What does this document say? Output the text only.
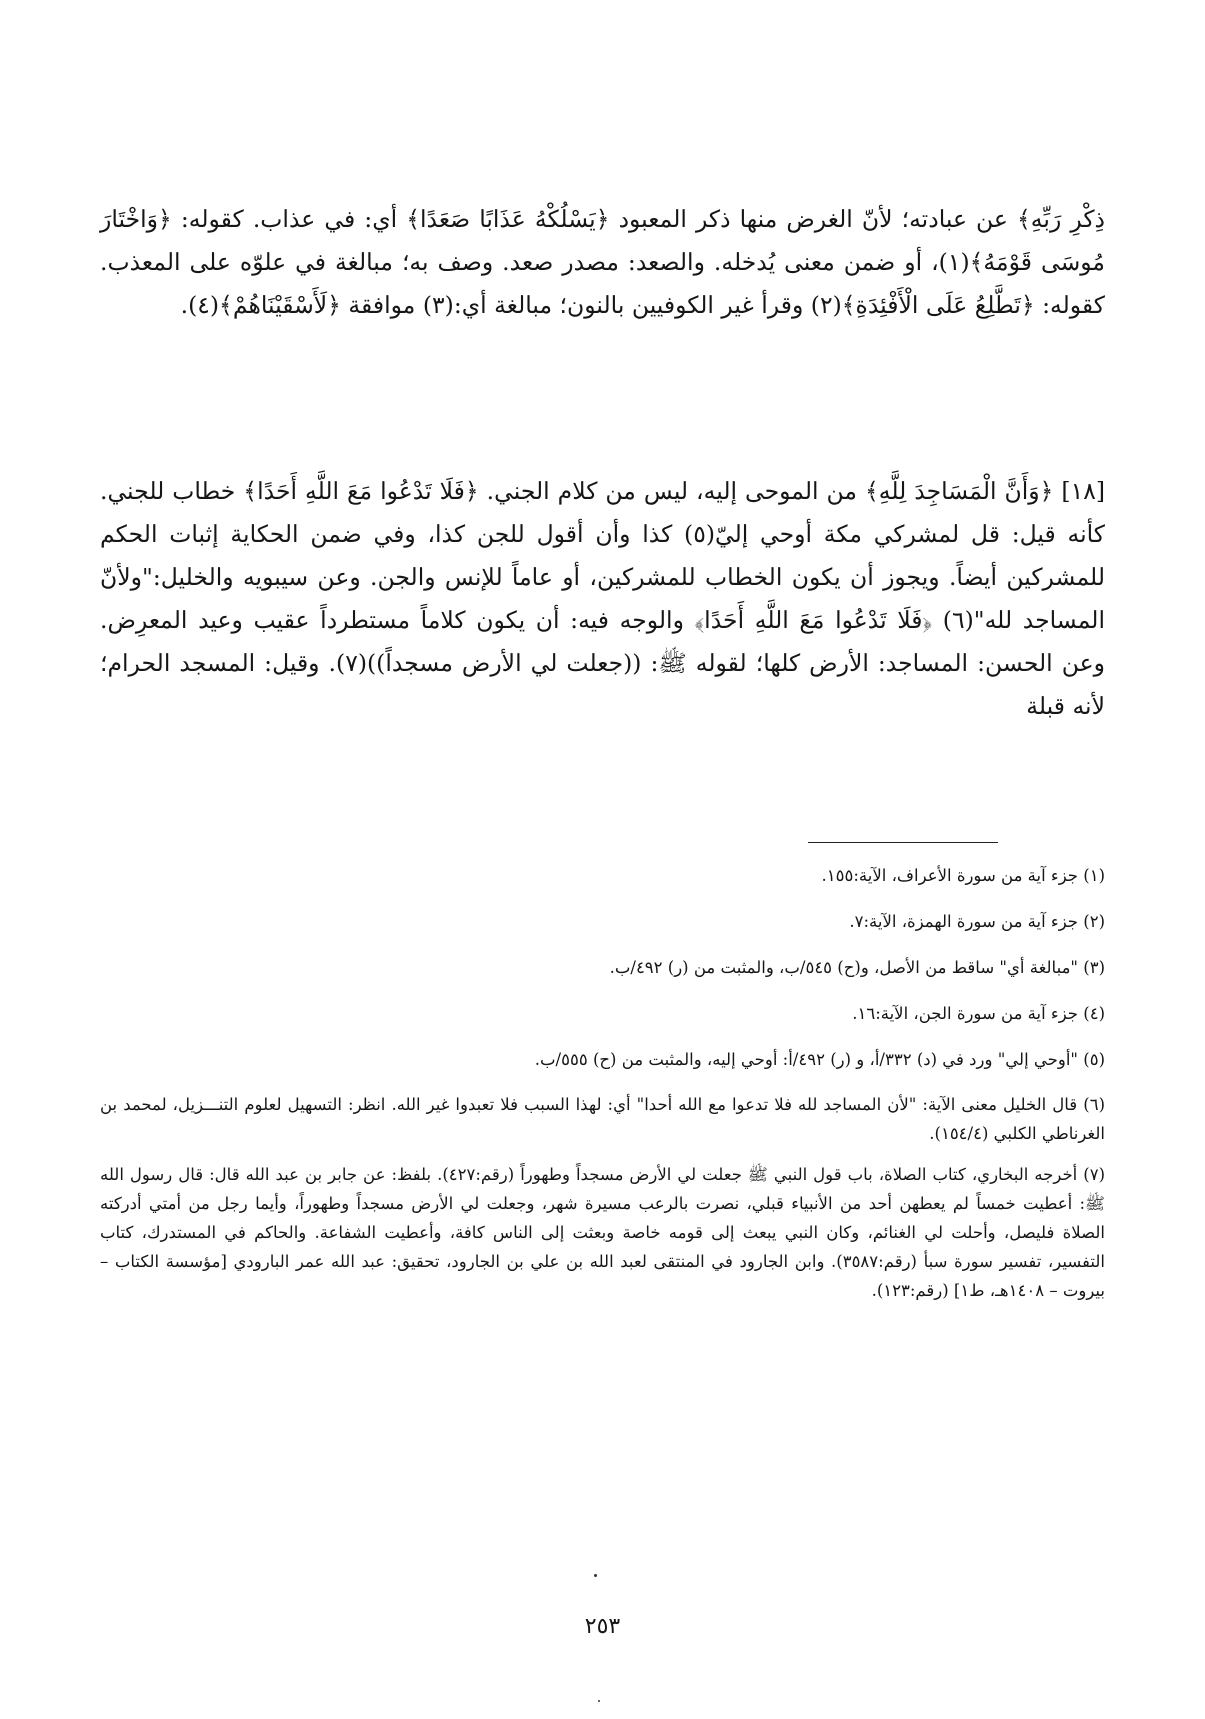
ذِكْرِ رَبِّهِ﴾ عن عبادته؛ لأنّ الغرض منها ذكر المعبود ﴿يَسْلُكْهُ عَذَابًا صَعَدًا﴾ أي: في عذاب. كقوله: ﴿وَاخْتَارَ مُوسَى قَوْمَهُ﴾(١)، أو ضمن معنى يُدخله. والصعد: مصدر صعد. وصف به؛ مبالغة في علوّه على المعذب. كقوله: ﴿تَطَّلِعُ عَلَى الْأَفْئِدَةِ﴾(٢) وقرأ غير الكوفيين بالنون؛ مبالغة أي:(٣) موافقة ﴿لَأَسْقَيْنَاهُمْ﴾(٤).

[١٨] ﴿وَأَنَّ الْمَسَاجِدَ لِلَّهِ﴾ من الموحى إليه، ليس من كلام الجني. ﴿فَلَا تَدْعُوا مَعَ اللَّهِ أَحَدًا﴾ خطاب للجني. كأنه قيل: قل لمشركي مكة أوحي إليّ(٥) كذا وأن أقول للجن كذا، وفي ضمن الحكاية إثبات الحكم للمشركين أيضاً. ويجوز أن يكون الخطاب للمشركين، أو عاماً للإنس والجن. وعن سيبويه والخليل:"ولأنّ المساجد لله"(٦) ﴿فَلَا تَدْعُوا مَعَ اللَّهِ أَحَدًا﴾ والوجه فيه: أن يكون كلاماً مستطرداً عقيب وعيد المعرِض. وعن الحسن: المساجد: الأرض كلها؛ لقوله ﷺ: ((جعلت لي الأرض مسجداً))(٧). وقيل: المسجد الحرام؛ لأنه قبلة

(١) جزء آية من سورة الأعراف، الآية:١٥٥.

(٢) جزء آية من سورة الهمزة، الآية:٧.

(٣) "مبالغة أي" ساقط من الأصل، و(ح) ٥٤٥/ب، والمثبت من (ر) ٤٩٢/ب.

(٤) جزء آية من سورة الجن، الآية:١٦.

(٥) "أوحي إلي" ورد في (د) ٣٣٢/أ، و (ر) ٤٩٢/أ: أوحي إليه، والمثبت من (ح) ٥٥٥/ب.

(٦) قال الخليل معنى الآية: "لأن المساجد لله فلا تدعوا مع الله أحدا" أي: لهذا السبب فلا تعبدوا غير الله. انظر: التسهيل لعلوم التنـــزيل، لمحمد بن الغرناطي الكلبي (١٥٤/٤).

(٧) أخرجه البخاري، كتاب الصلاة، باب قول النبي ﷺ جعلت لي الأرض مسجداً وطهوراً (رقم:٤٢٧). بلفظ: عن جابر بن عبد الله قال: قال رسول الله ﷺ: أعطيت خمساً لم يعطهن أحد من الأنبياء قبلي، نصرت بالرعب مسيرة شهر، وجعلت لي الأرض مسجداً وطهوراً، وأيما رجل من أمتي أدركته الصلاة فليصل، وأحلت لي الغنائم، وكان النبي يبعث إلى قومه خاصة وبعثت إلى الناس كافة، وأعطيت الشفاعة. والحاكم في المستدرك، كتاب التفسير، تفسير سورة سبأ (رقم:٣٥٨٧). وابن الجارود في المنتقى لعبد الله بن علي بن الجارود، تحقيق: عبد الله عمر البارودي [مؤسسة الكتاب – بيروت – ١٤٠٨هـ، ط١] (رقم:١٢٣).

٢٥٣
